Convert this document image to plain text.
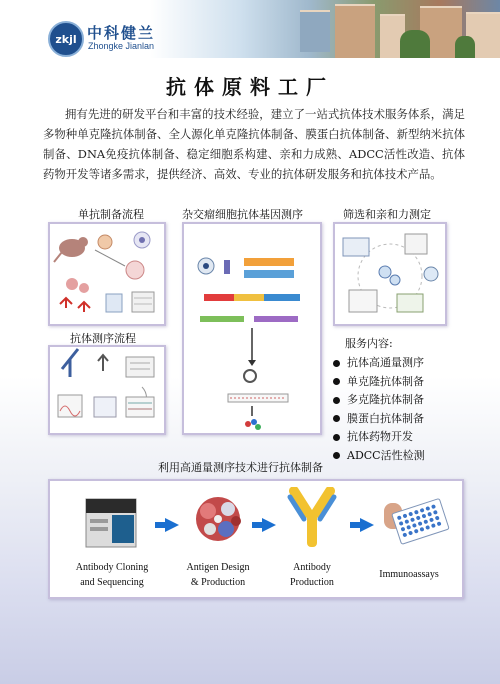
zkjl 中科健兰
Zhongke Jianlan
抗体原料工厂
拥有先进的研发平台和丰富的技术经验，建立了一站式抗体技术服务体系，满足多物种单克隆抗体制备、全人源化单克隆抗体制备、膜蛋白抗体制备、新型纳米抗体制备、DNA免疫抗体制备、稳定细胞系构建、亲和力成熟、ADCC活性改造、抗体药物开发等诸多需求，提供经济、高效、专业的抗体研发服务和抗体技术产品。
单抗制备流程	杂交瘤细胞抗体基因测序	筛选和亲和力测定
抗体测序流程	服务内容:
利用高通量测序技术进行抗体制备
抗体高通量测序
单克隆抗体制备
多克隆抗体制备
膜蛋白抗体制备
抗体药物开发
ADCC活性检测
Antibody Cloning
and Sequencing
Antigen Design
& Production
Antibody
Production
Immunoassays
